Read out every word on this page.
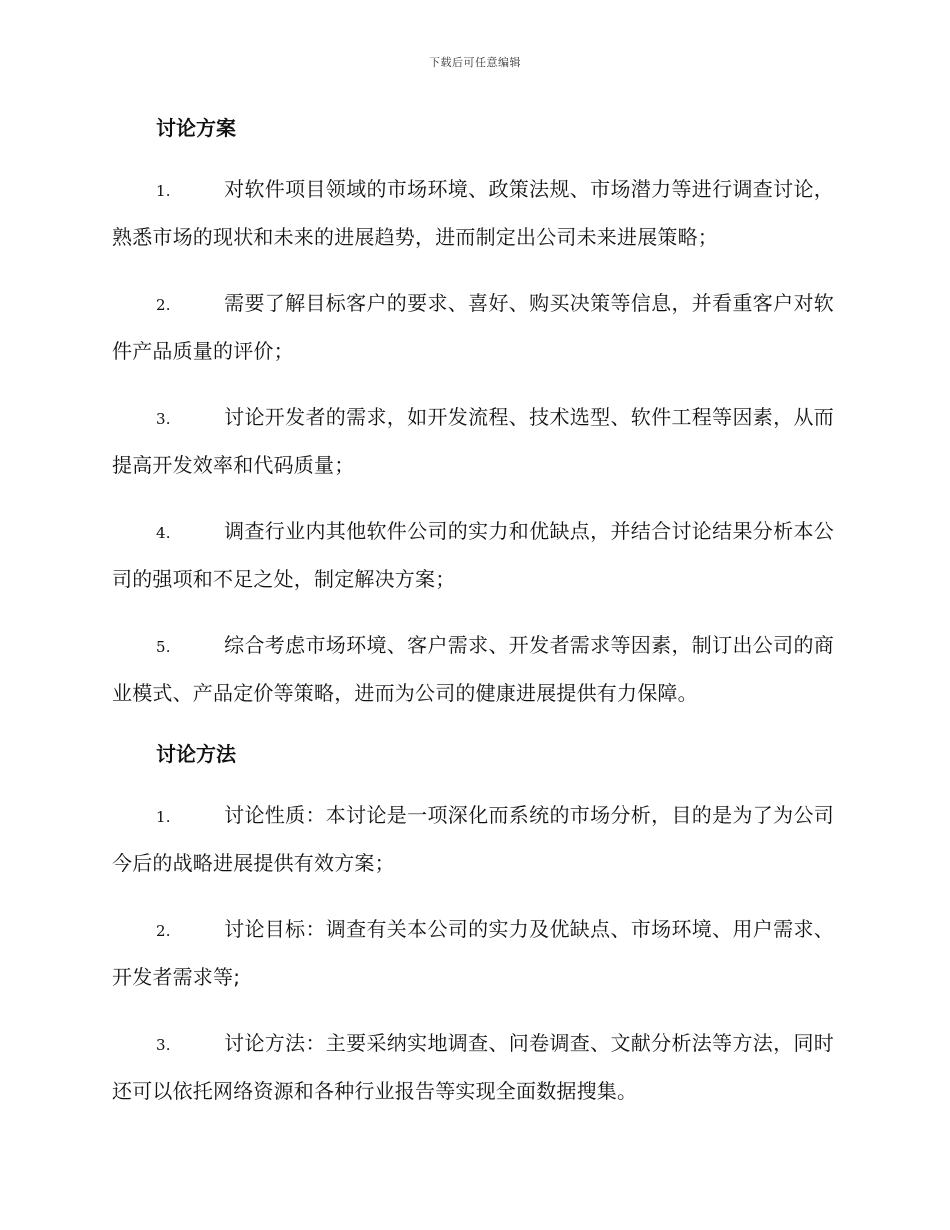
下载后可任意编辑
讨论方案
1.	对软件项目领域的市场环境、政策法规、市场潜力等进行调查讨论，熟悉市场的现状和未来的进展趋势，进而制定出公司未来进展策略；
2.	需要了解目标客户的要求、喜好、购买决策等信息，并看重客户对软件产品质量的评价；
3.	讨论开发者的需求，如开发流程、技术选型、软件工程等因素，从而提高开发效率和代码质量；
4.	调查行业内其他软件公司的实力和优缺点，并结合讨论结果分析本公司的强项和不足之处，制定解决方案；
5.	综合考虑市场环境、客户需求、开发者需求等因素，制订出公司的商业模式、产品定价等策略，进而为公司的健康进展提供有力保障。
讨论方法
1.	讨论性质：本讨论是一项深化而系统的市场分析，目的是为了为公司今后的战略进展提供有效方案；
2.	讨论目标：调查有关本公司的实力及优缺点、市场环境、用户需求、开发者需求等;
3.	讨论方法：主要采纳实地调查、问卷调查、文献分析法等方法，同时还可以依托网络资源和各种行业报告等实现全面数据搜集。
